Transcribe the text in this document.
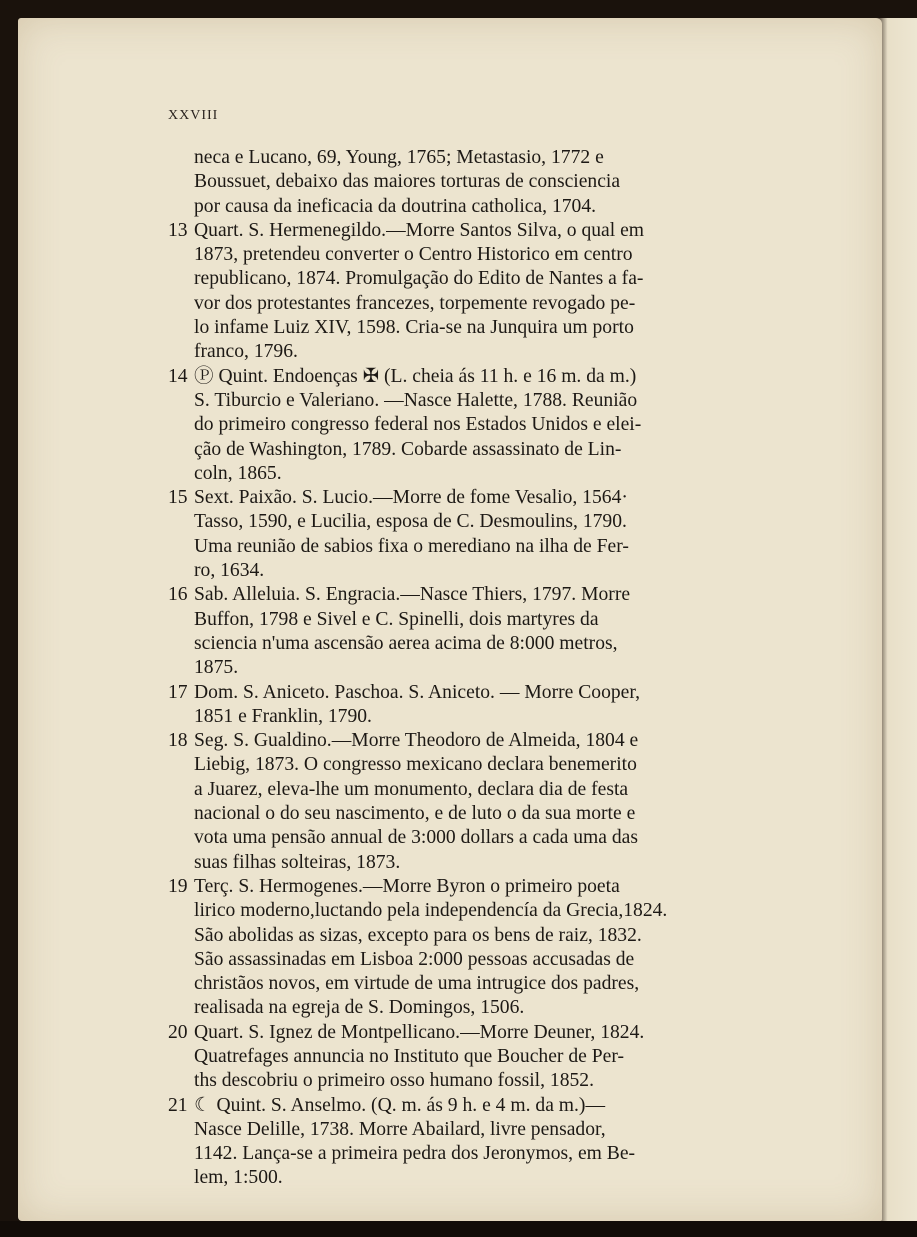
XXVIII
neca e Lucano, 69, Young, 1765; Metastasio, 1772 e
Boussuet, debaixo das maiores torturas de consciencia
por causa da ineficacia da doutrina catholica, 1704.
13 Quart. S. Hermenegildo.—Morre Santos Silva, o qual em
1873, pretendeu converter o Centro Historico em centro
republicano, 1874. Promulgação do Edito de Nantes a fa-
vor dos protestantes francezes, torpemente revogado pe-
lo infame Luiz XIV, 1598. Cria-se na Junquira um porto
franco, 1796.
14 Ⓟ Quint. Endoenças ✠ (L. cheia ás 11 h. e 16 m. da m.)
S. Tiburcio e Valeriano. —Nasce Halette, 1788. Reunião
do primeiro congresso federal nos Estados Unidos e elei-
ção de Washington, 1789. Cobarde assassinato de Lin-
coln, 1865.
15 Sext. Paixão. S. Lucio.—Morre de fome Vesalio, 1564·
Tasso, 1590, e Lucilia, esposa de C. Desmoulins, 1790.
Uma reunião de sabios fixa o merediano na ilha de Fer-
ro, 1634.
16 Sab. Alleluia. S. Engracia.—Nasce Thiers, 1797. Morre
Buffon, 1798 e Sivel e C. Spinelli, dois martyres da
sciencia n'uma ascensão aerea acima de 8:000 metros,
1875.
17 Dom. S. Aniceto. Paschoa. S. Aniceto. — Morre Cooper,
1851 e Franklin, 1790.
18 Seg. S. Gualdino.—Morre Theodoro de Almeida, 1804 e
Liebig, 1873. O congresso mexicano declara benemerito
a Juarez, eleva-lhe um monumento, declara dia de festa
nacional o do seu nascimento, e de luto o da sua morte e
vota uma pensão annual de 3:000 dollars a cada uma das
suas filhas solteiras, 1873.
19 Terç. S. Hermogenes.—Morre Byron o primeiro poeta
lirico moderno,luctando pela independencía da Grecia,1824.
São abolidas as sizas, excepto para os bens de raiz, 1832.
São assassinadas em Lisboa 2:000 pessoas accusadas de
christãos novos, em virtude de uma intrugice dos padres,
realisada na egreja de S. Domingos, 1506.
20 Quart. S. Ignez de Montpellicano.—Morre Deuner, 1824.
Quatrefages annuncia no Instituto que Boucher de Per-
ths descobriu o primeiro osso humano fossil, 1852.
21 ☾ Quint. S. Anselmo. (Q. m. ás 9 h. e 4 m. da m.)—
Nasce Delille, 1738. Morre Abailard, livre pensador,
1142. Lança-se a primeira pedra dos Jeronymos, em Be-
lem, 1:500.
